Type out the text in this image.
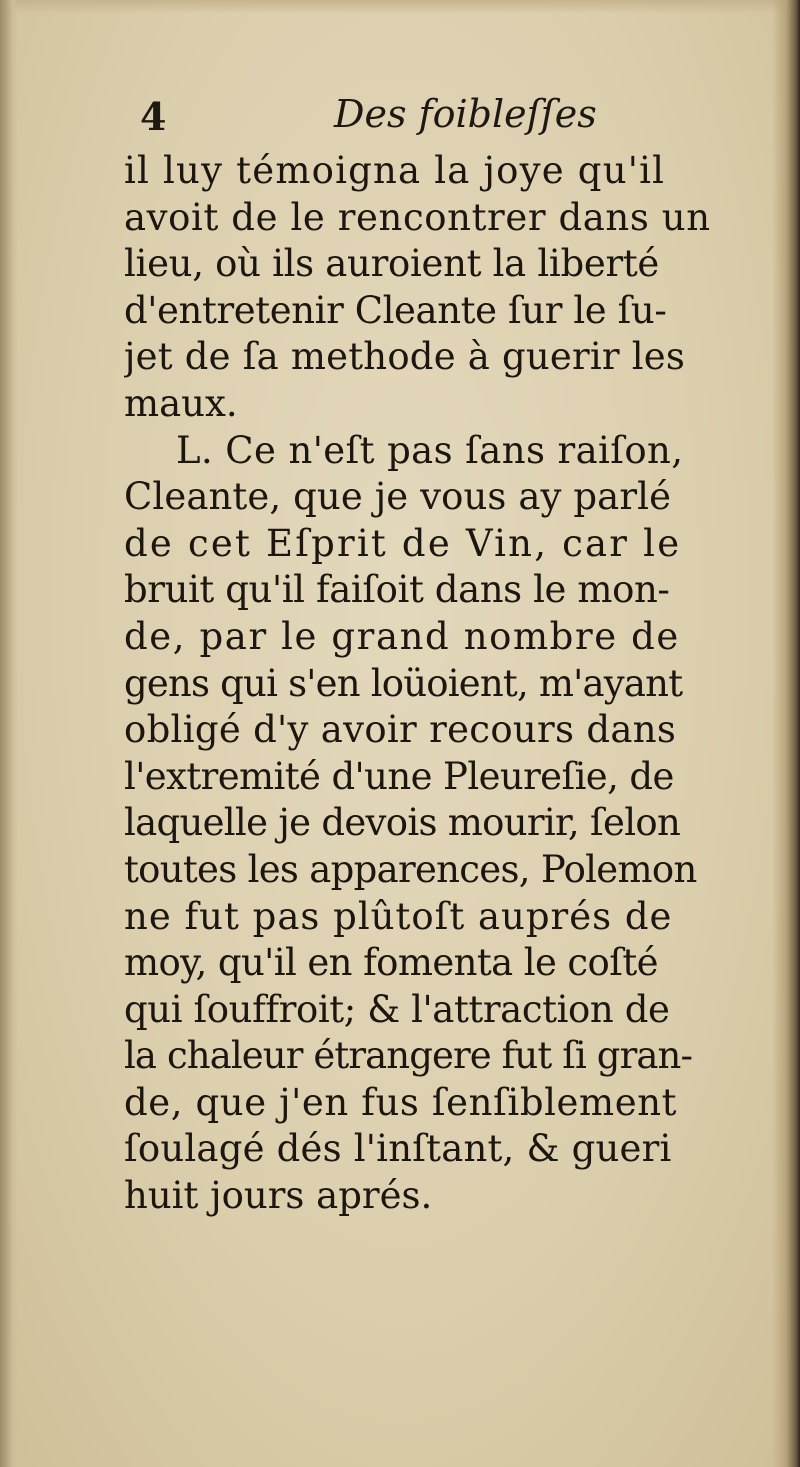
4	Des foibleſſes
il luy témoigna la joye qu'il
avoit de le rencontrer dans un
lieu, où ils auroient la liberté
d'entretenir Cleante ſur le ſu-
jet de ſa methode à guerir les
maux.
L. Ce n'eſt pas ſans raiſon,
Cleante, que je vous ay parlé
de cet Eſprit de Vin, car le
bruit qu'il faiſoit dans le mon-
de, par le grand nombre de
gens qui s'en loüoient, m'ayant
obligé d'y avoir recours dans
l'extremité d'une Pleureſie, de
laquelle je devois mourir, ſelon
toutes les apparences, Polemon
ne fut pas plûtoſt auprés de
moy, qu'il en fomenta le coſté
qui ſouffroit; & l'attraction de
la chaleur étrangere fut ſi gran-
de, que j'en fus ſenſiblement
ſoulagé dés l'inſtant, & gueri
huit jours aprés.
